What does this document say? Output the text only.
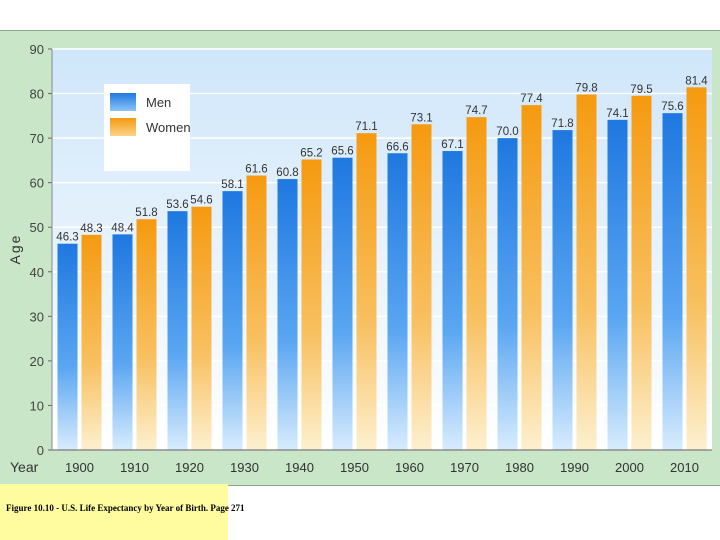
0
10
20
30
40
50
60
70
80
90
46.3
48.3 48.4
51.8
53.6 54.6
58.1
61.6 60.8
65.2 65.6
71.1
66.6
73.1
67.1
74.7
70.0
77.4
71.8
79.8
74.1
79.5
75.6
81.4
1900 1910 1920 1930 1940 1950 1960 1970 1980 1990 2000 2010
Age
Year
Men
Women
Figure 10.10 - U.S. Life Expectancy by Year of Birth. Page 271
